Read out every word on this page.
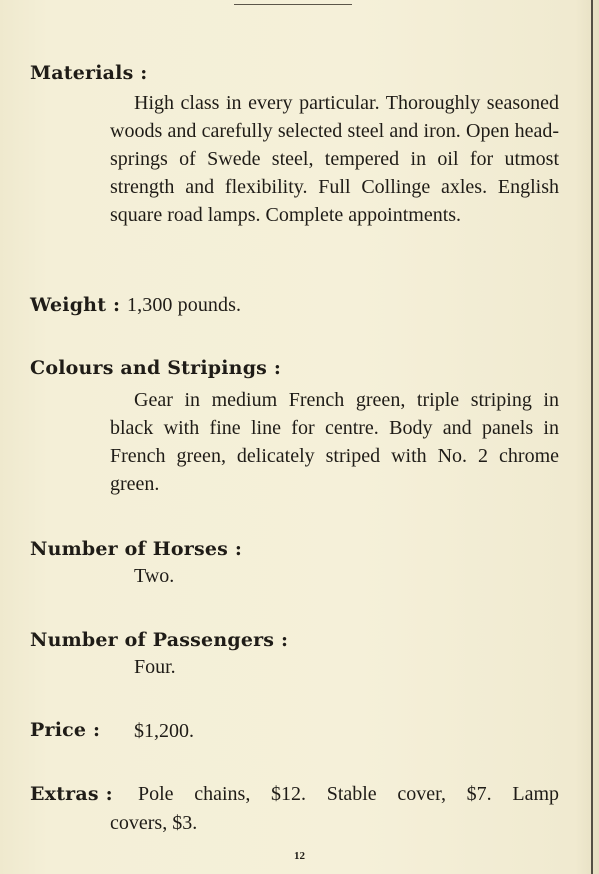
Materials :
High class in every particular. Thoroughly seasoned woods and carefully selected steel and iron. Open head-springs of Swede steel, tempered in oil for utmost strength and flexibility. Full Collinge axles. English square road lamps. Complete appointments.
Weight : 1,300 pounds.
Colours and Stripings :
Gear in medium French green, triple striping in black with fine line for centre. Body and panels in French green, delicately striped with No. 2 chrome green.
Number of Horses :
Two.
Number of Passengers :
Four.
Price : $1,200.
Extras : Pole chains, $12. Stable cover, $7. Lamp
covers, $3.
12
